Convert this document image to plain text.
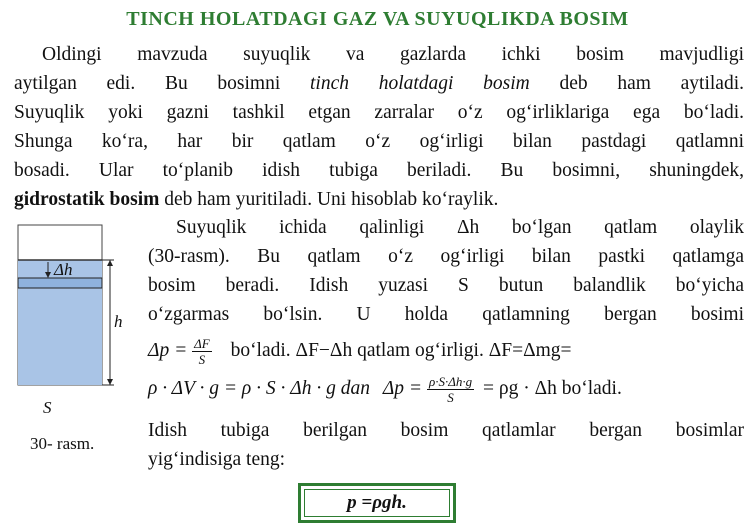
TINCH HOLATDAGI GAZ VA SUYUQLIKDA BOSIM
Oldingi mavzuda suyuqlik va gazlarda ichki bosim mavjudligi
aytilgan edi. Bu bosimni tinch holatdagi bosim deb ham aytiladi.
Suyuqlik yoki gazni tashkil etgan zarralar o‘z og‘irliklariga ega bo‘ladi.
Shunga ko‘ra, har bir qatlam o‘z og‘irligi bilan pastdagi qatlamni
bosadi. Ular to‘planib idish tubiga beriladi. Bu bosimni, shuningdek,
gidrostatik bosim deb ham yuritiladi. Uni hisoblab ko‘raylik.
Suyuqlik ichida qalinligi Δh bo‘lgan qatlam olaylik
(30-rasm). Bu qatlam o‘z og‘irligi bilan pastki qatlamga
bosim beradi. Idish yuzasi S butun balandlik bo‘yicha
o‘zgarmas bo‘lsin. U holda qatlamning bergan bosimi
$\Delta p = \frac{\Delta F}{S}$ bo‘ladi. ΔF−Δh qatlam og‘irligi. ΔF=Δmg=
ρ · ΔV · g = ρ · S · Δh · g dan $\Delta p = \frac{\rho\cdot S\cdot\Delta h\cdot g}{S} = \rho g \cdot \Delta h$ bo‘ladi.
Idish tubiga berilgan bosim qatlamlar bergan bosimlar
yig‘indisiga teng:
p =ρgh.
Δh
h
S
30- rasm.
